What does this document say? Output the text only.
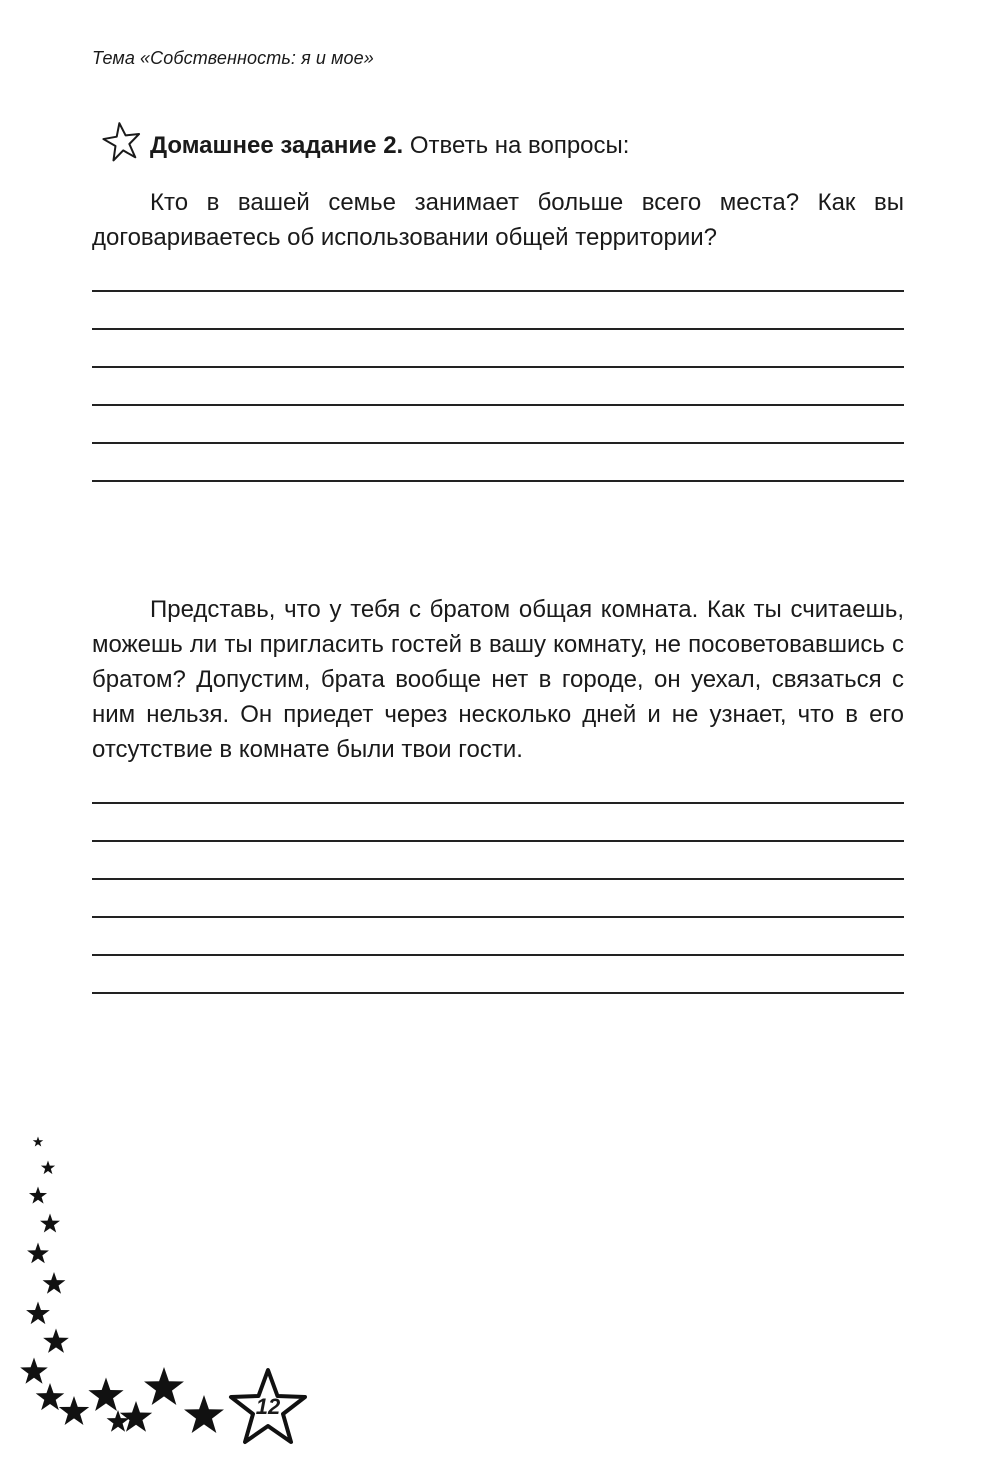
Тема «Собственность: я и мое»
Домашнее задание 2. Ответь на вопросы:

Кто в вашей семье занимает больше всего места? Как вы договариваетесь об использовании общей территории?

Представь, что у тебя с братом общая комната. Как ты считаешь, можешь ли ты пригласить гостей в вашу комнату, не посоветовавшись с братом? Допустим, брата вообще нет в городе, он уехал, связаться с ним нельзя. Он приедет через несколько дней и не узнает, что в его отсутствие в комнате были твои гости.

12
